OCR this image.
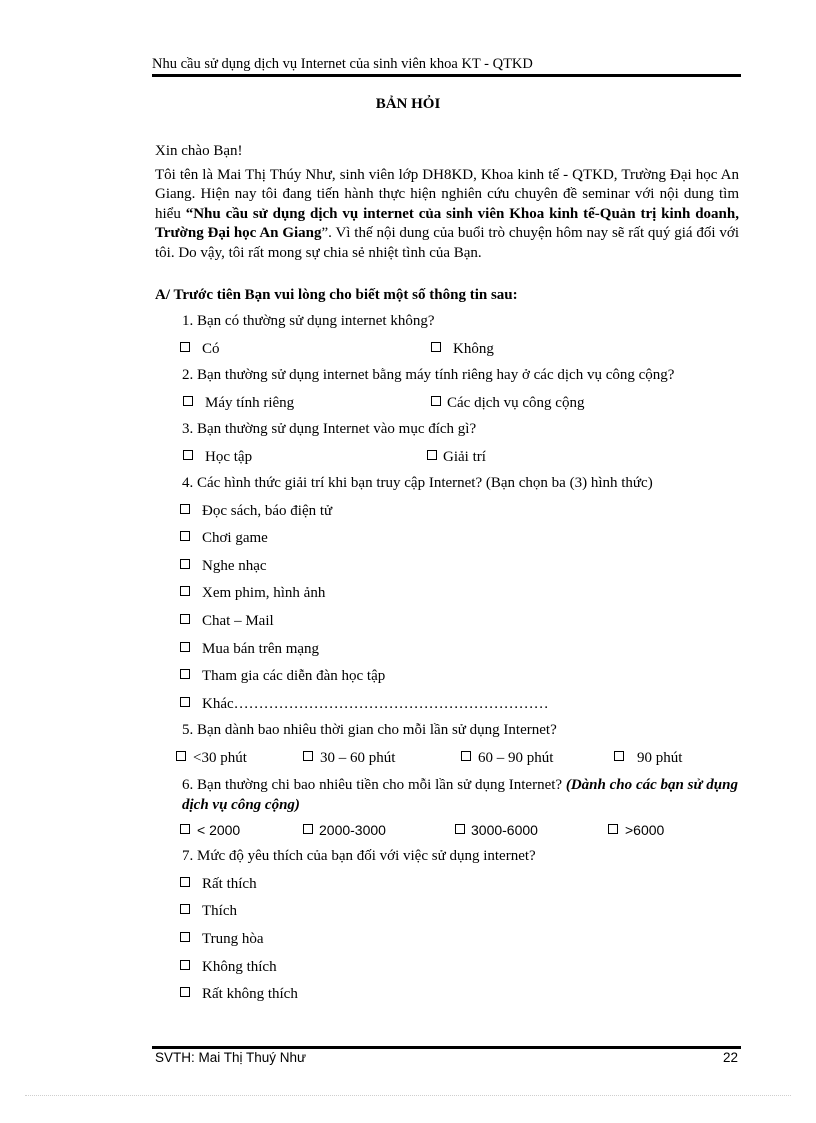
Nhu cầu sử dụng dịch vụ Internet của sinh viên khoa KT - QTKD
BẢN HỎI
Xin chào Bạn!
Tôi tên là Mai Thị Thúy Như, sinh viên lớp DH8KD, Khoa kinh tế - QTKD, Trường Đại học An Giang. Hiện nay tôi đang tiến hành thực hiện nghiên cứu chuyên đề seminar với nội dung tìm hiểu “Nhu cầu sử dụng dịch vụ internet của sinh viên Khoa kinh tế-Quản trị kinh doanh, Trường Đại học An Giang”. Vì thế nội dung của buổi trò chuyện hôm nay sẽ rất quý giá đối với tôi. Do vậy, tôi rất mong sự chia sẻ nhiệt tình của Bạn.
A/ Trước tiên Bạn vui lòng cho biết một số thông tin sau:
1. Bạn có thường sử dụng internet không?
Có	Không
2. Bạn thường sử dụng internet bằng máy tính riêng hay ở các dịch vụ công cộng?
Máy tính riêng	Các dịch vụ công cộng
3. Bạn thường sử dụng Internet vào mục đích gì?
Học tập	Giải trí
4. Các hình thức giải trí khi bạn truy cập Internet? (Bạn chọn ba (3) hình thức)
Đọc sách, báo điện tử
Chơi game
Nghe nhạc
Xem phim, hình ảnh
Chat – Mail
Mua bán trên mạng
Tham gia các diễn đàn học tập
Khác………………………………………………………
5. Bạn dành bao nhiêu thời gian cho mỗi lần sử dụng Internet?
<30 phút	30 – 60 phút	60 – 90 phút	90 phút
6. Bạn thường chi bao nhiêu tiền cho mỗi lần sử dụng Internet? (Dành cho các bạn sử dụng dịch vụ công cộng)
< 2000	2000-3000	3000-6000	>6000
7. Mức độ yêu thích của bạn đối với việc sử dụng internet?
Rất thích
Thích
Trung hòa
Không thích
Rất không thích
SVTH: Mai Thị Thuý Như	22
